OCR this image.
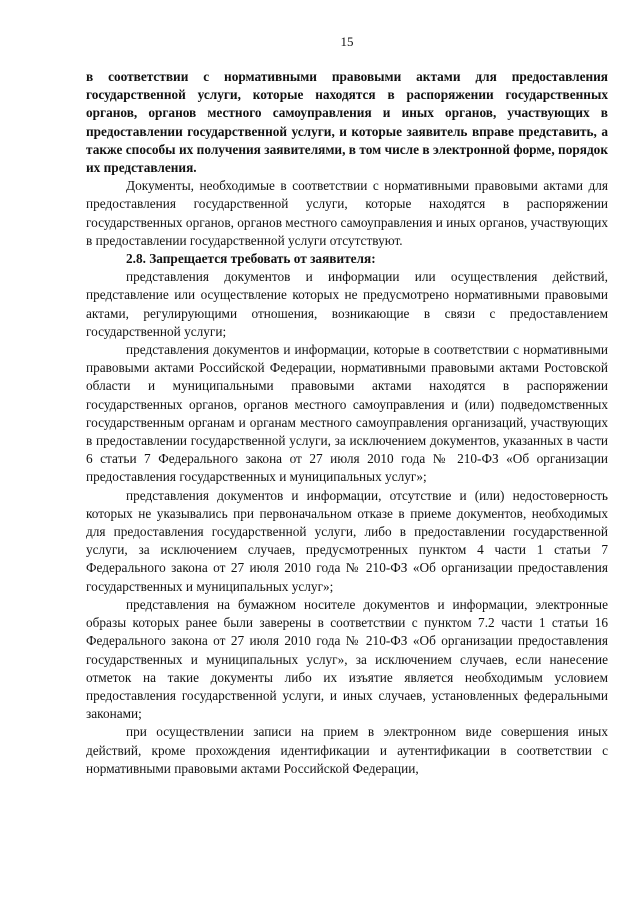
15

в соответствии с нормативными правовыми актами для предоставления государственной услуги, которые находятся в распоряжении государственных органов, органов местного самоуправления и иных органов, участвующих в предоставлении государственной услуги, и которые заявитель вправе представить, а также способы их получения заявителями, в том числе в электронной форме, порядок их представления.

Документы, необходимые в соответствии с нормативными правовыми актами для предоставления государственной услуги, которые находятся в распоряжении государственных органов, органов местного самоуправления и иных органов, участвующих в предоставлении государственной услуги отсутствуют.

2.8. Запрещается требовать от заявителя:

представления документов и информации или осуществления действий, представление или осуществление которых не предусмотрено нормативными правовыми актами, регулирующими отношения, возникающие в связи с предоставлением государственной услуги;

представления документов и информации, которые в соответствии с нормативными правовыми актами Российской Федерации, нормативными правовыми актами Ростовской области и муниципальными правовыми актами находятся в распоряжении государственных органов, органов местного самоуправления и (или) подведомственных государственным органам и органам местного самоуправления организаций, участвующих в предоставлении государственной услуги, за исключением документов, указанных в части 6 статьи 7 Федерального закона от 27 июля 2010 года № 210-ФЗ «Об организации предоставления государственных и муниципальных услуг»;

представления документов и информации, отсутствие и (или) недостоверность которых не указывались при первоначальном отказе в приеме документов, необходимых для предоставления государственной услуги, либо в предоставлении государственной услуги, за исключением случаев, предусмотренных пунктом 4 части 1 статьи 7 Федерального закона от 27 июля 2010 года № 210-ФЗ «Об организации предоставления государственных и муниципальных услуг»;

представления на бумажном носителе документов и информации, электронные образы которых ранее были заверены в соответствии с пунктом 7.2 части 1 статьи 16 Федерального закона от 27 июля 2010 года № 210-ФЗ «Об организации предоставления государственных и муниципальных услуг», за исключением случаев, если нанесение отметок на такие документы либо их изъятие является необходимым условием предоставления государственной услуги, и иных случаев, установленных федеральными законами;

при осуществлении записи на прием в электронном виде совершения иных действий, кроме прохождения идентификации и аутентификации в соответствии с нормативными правовыми актами Российской Федерации,
